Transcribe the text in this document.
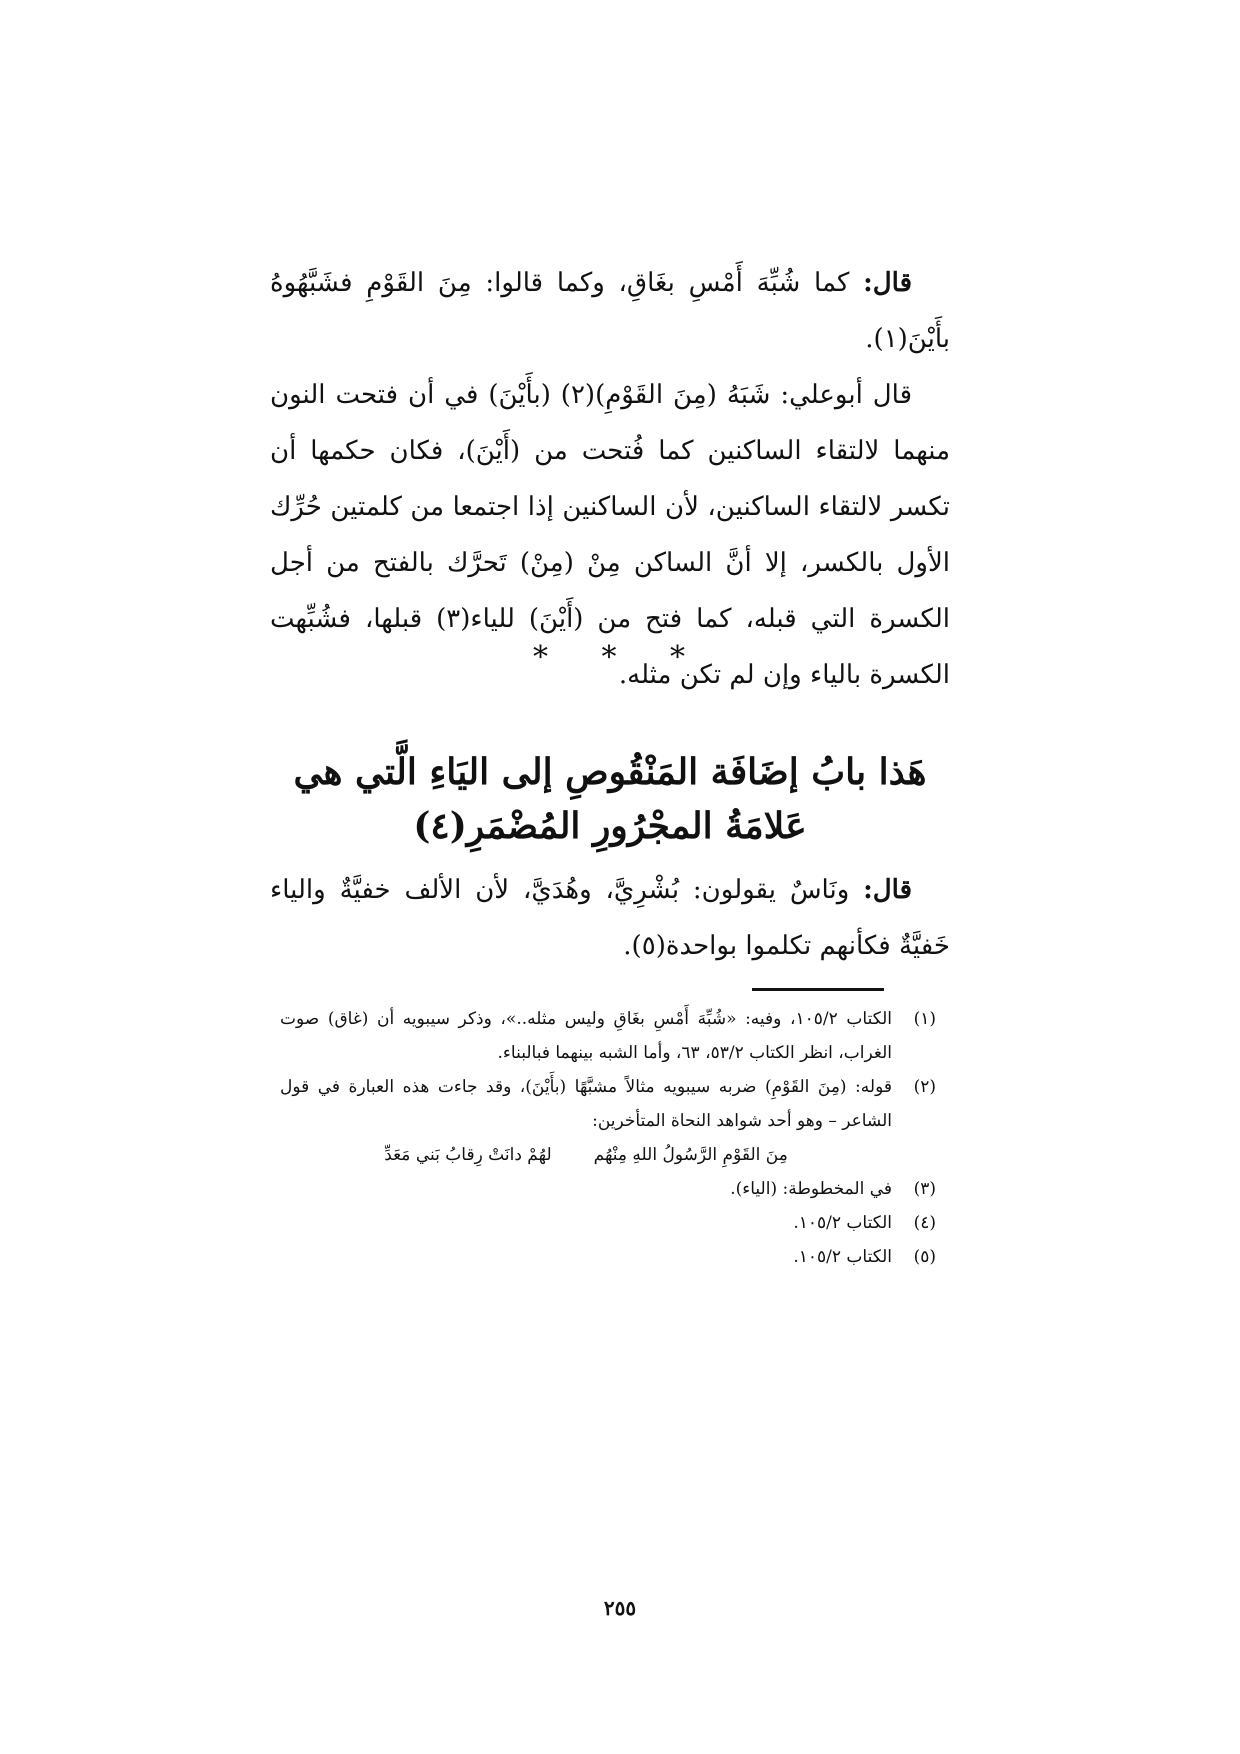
قال: كما شُبِّهَ أَمْسِ بغَاقِ، وكما قالوا: مِنَ القَوْمِ فشَبَّهُوهُ بأَيْنَ(١).

قال أبوعلي: شَبَهُ (مِنَ القَوْمِ)(٢) (بأَيْنَ) في أن فتحت النون منهما لالتقاء الساكنين كما فُتحت من (أَيْنَ)، فكان حكمها أن تكسر لالتقاء الساكنين، لأن الساكنين إذا اجتمعا من كلمتين حُرِّك الأول بالكسر، إلا أنَّ الساكن مِنْ (مِنْ) تَحرَّك بالفتح من أجل الكسرة التي قبله، كما فتح من (أَيْنَ) للياء(٣) قبلها، فشُبِّهت الكسرة بالياء وإن لم تكن مثله.

* * *
هَذا بابُ إضَافَة المَنْقُوصِ إلى اليَاءِ الَّتي هي
عَلامَةُ المجْرُورِ المُضْمَرِ(٤)

قال: ونَاسٌ يقولون: بُشْرِيَّ، وهُدَيَّ، لأن الألف خفيَّةٌ والياء خَفيَّةٌ فكأنهم تكلموا بواحدة(٥).

(١)
الكتاب ١٠٥/٢، وفيه: «شُبِّهَ أَمْسِ بغَاقِ وليس مثله..»، وذكر سيبويه أن (غاق) صوت الغراب، انظر الكتاب ٥٣/٢، ٦٣، وأما الشبه بينهما فبالبناء.
(٢)
قوله: (مِنَ القَوْمِ) ضربه سيبويه مثالاً مشبَّهًا (بأَيْنَ)، وقد جاءت هذه العبارة في قول الشاعر – وهو أحد شواهد النحاة المتأخرين:
مِنَ القَوْمِ الرَّسُولُ اللهِ مِنْهُم
لهُمْ دانَتْ رِقابُ بَني مَعَدِّ
(٣)
في المخطوطة: (الياء).
(٤)
الكتاب ١٠٥/٢.
(٥)
الكتاب ١٠٥/٢.
٢٥٥
